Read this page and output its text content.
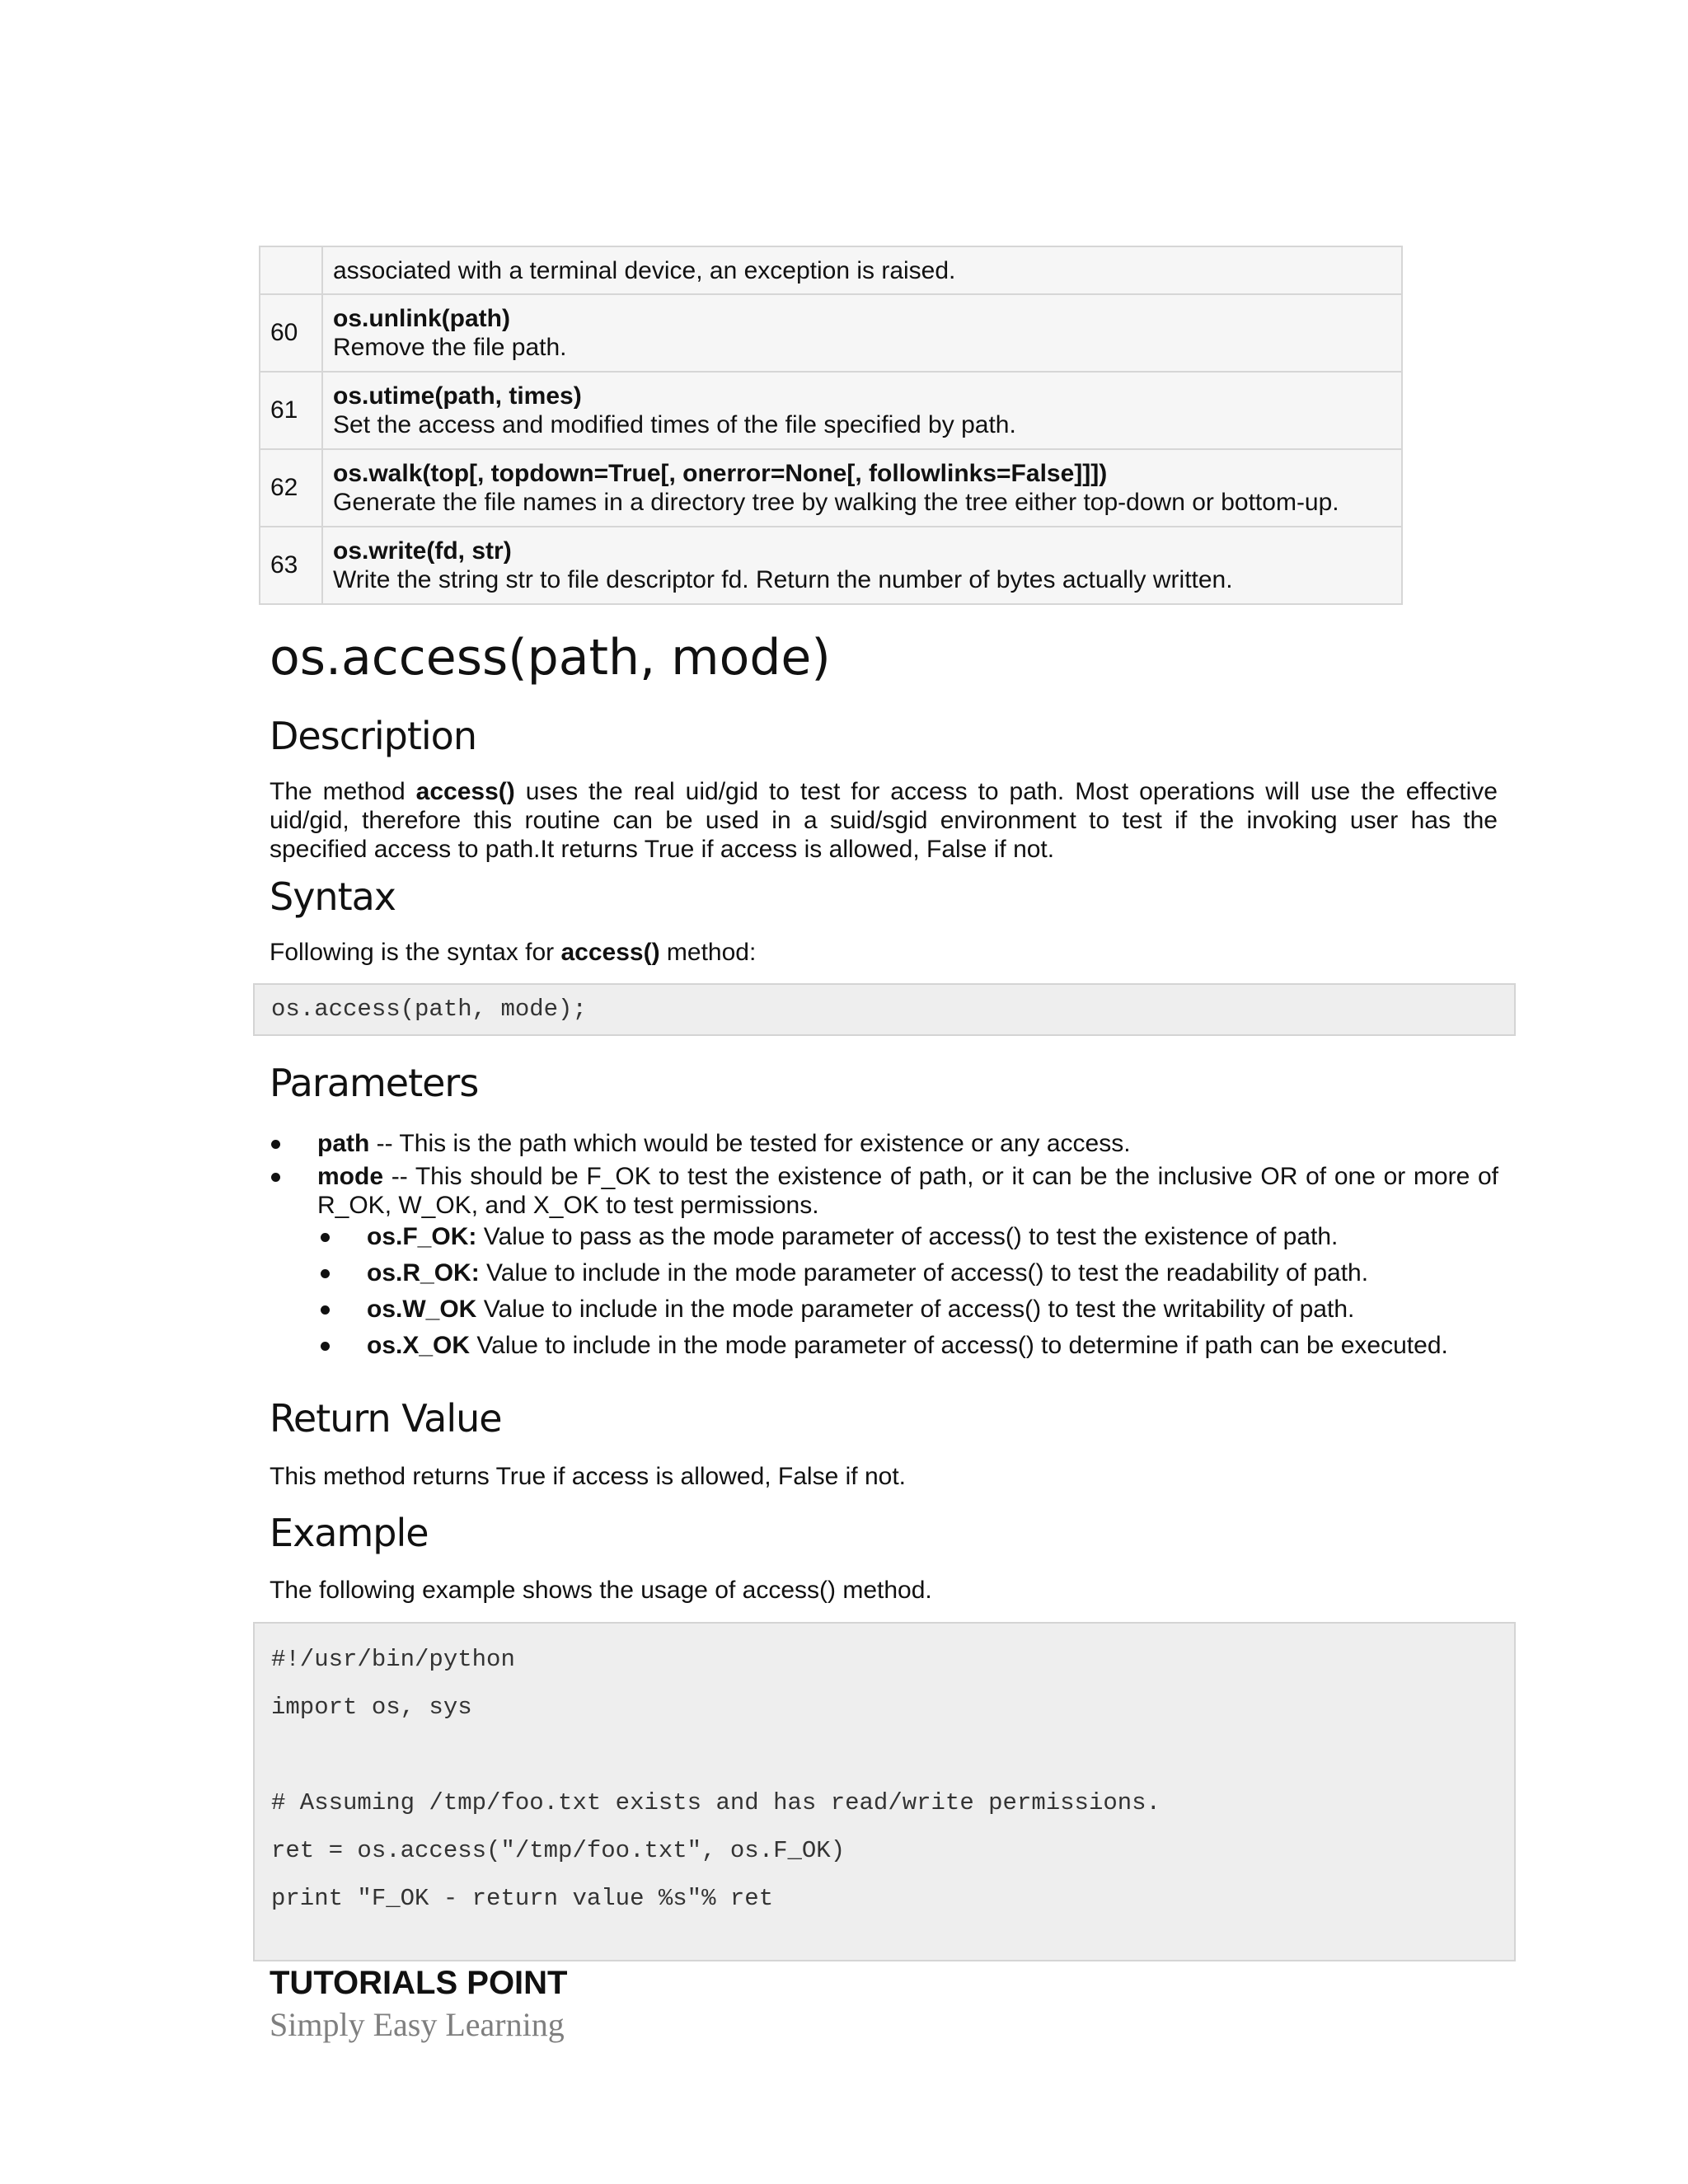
	associated with a terminal device, an exception is raised.
60	os.unlink(path)
Remove the file path.

61	os.utime(path, times)
Set the access and modified times of the file specified by path.

62	os.walk(top[, topdown=True[, onerror=None[, followlinks=False]]])
Generate the file names in a directory tree by walking the tree either top-down or bottom-up.

63	os.write(fd, str)
Write the string str to file descriptor fd. Return the number of bytes actually written.
os.access(path, mode)
Description
The method access() uses the real uid/gid to test for access to path. Most operations will use the effective uid/gid, therefore this routine can be used in a suid/sgid environment to test if the invoking user has the specified access to path.It returns True if access is allowed, False if not.
Syntax
Following is the syntax for access() method:
os.access(path, mode);
Parameters
path -- This is the path which would be tested for existence or any access.
mode -- This should be F_OK to test the existence of path, or it can be the inclusive OR of one or more of R_OK, W_OK, and X_OK to test permissions.
os.F_OK: Value to pass as the mode parameter of access() to test the existence of path.
os.R_OK: Value to include in the mode parameter of access() to test the readability of path.
os.W_OK Value to include in the mode parameter of access() to test the writability of path.
os.X_OK Value to include in the mode parameter of access() to determine if path can be executed.
Return Value
This method returns True if access is allowed, False if not.
Example
The following example shows the usage of access() method.
#!/usr/bin/python
import os, sys
# Assuming /tmp/foo.txt exists and has read/write permissions.
ret = os.access("/tmp/foo.txt", os.F_OK)
print "F_OK - return value %s"% ret
TUTORIALS POINT
Simply Easy Learning
